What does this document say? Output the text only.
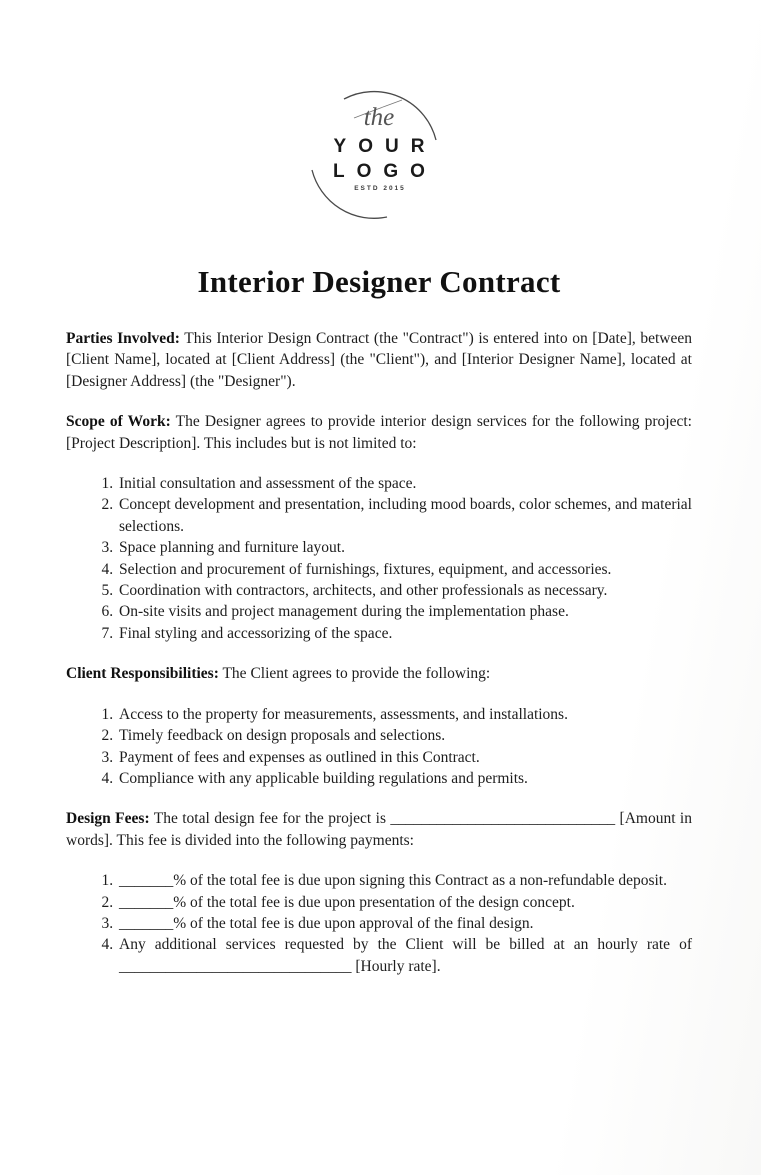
the
YOUR
LOGO
ESTD 2015
Interior Designer Contract

Parties Involved: This Interior Design Contract (the "Contract") is entered into on [Date], between [Client Name], located at [Client Address] (the "Client"), and [Interior Designer Name], located at [Designer Address] (the "Designer").

Scope of Work: The Designer agrees to provide interior design services for the following project: [Project Description]. This includes but is not limited to:

1. Initial consultation and assessment of the space.
2. Concept development and presentation, including mood boards, color schemes, and material selections.
3. Space planning and furniture layout.
4. Selection and procurement of furnishings, fixtures, equipment, and accessories.
5. Coordination with contractors, architects, and other professionals as necessary.
6. On-site visits and project management during the implementation phase.
7. Final styling and accessorizing of the space.

Client Responsibilities: The Client agrees to provide the following:

1. Access to the property for measurements, assessments, and installations.
2. Timely feedback on design proposals and selections.
3. Payment of fees and expenses as outlined in this Contract.
4. Compliance with any applicable building regulations and permits.

Design Fees: The total design fee for the project is _____________________________ [Amount in words]. This fee is divided into the following payments:

1. _______% of the total fee is due upon signing this Contract as a non-refundable deposit.
2. _______% of the total fee is due upon presentation of the design concept.
3. _______% of the total fee is due upon approval of the final design.
4. Any additional services requested by the Client will be billed at an hourly rate of ______________________________ [Hourly rate].
